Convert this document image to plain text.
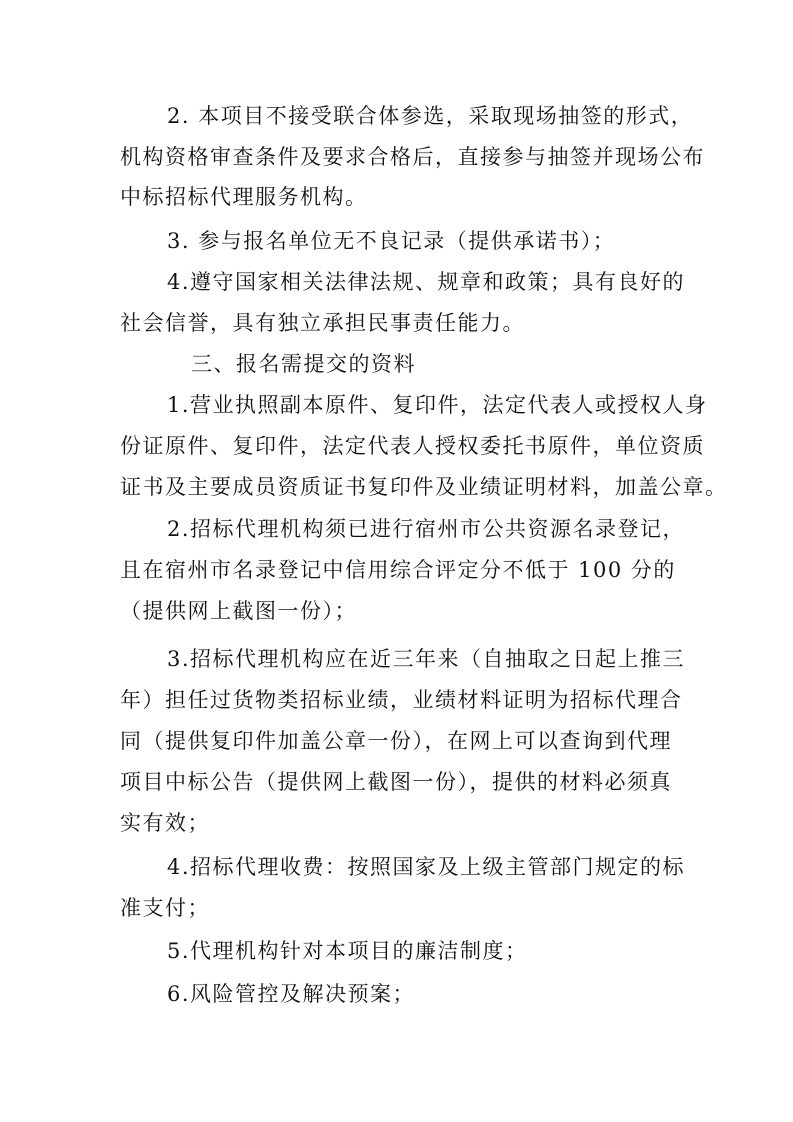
2. 本项目不接受联合体参选，采取现场抽签的形式，
机构资格审查条件及要求合格后，直接参与抽签并现场公布
中标招标代理服务机构。
3. 参与报名单位无不良记录（提供承诺书）；
4.遵守国家相关法律法规、规章和政策；具有良好的
社会信誉，具有独立承担民事责任能力。
三、报名需提交的资料
1.营业执照副本原件、复印件，法定代表人或授权人身
份证原件、复印件，法定代表人授权委托书原件，单位资质
证书及主要成员资质证书复印件及业绩证明材料，加盖公章。
2.招标代理机构须已进行宿州市公共资源名录登记，
且在宿州市名录登记中信用综合评定分不低于 100 分的
（提供网上截图一份）；
3.招标代理机构应在近三年来（自抽取之日起上推三
年）担任过货物类招标业绩，业绩材料证明为招标代理合
同（提供复印件加盖公章一份），在网上可以查询到代理
项目中标公告（提供网上截图一份），提供的材料必须真
实有效；
4.招标代理收费：按照国家及上级主管部门规定的标
准支付；
5.代理机构针对本项目的廉洁制度；
6.风险管控及解决预案；
